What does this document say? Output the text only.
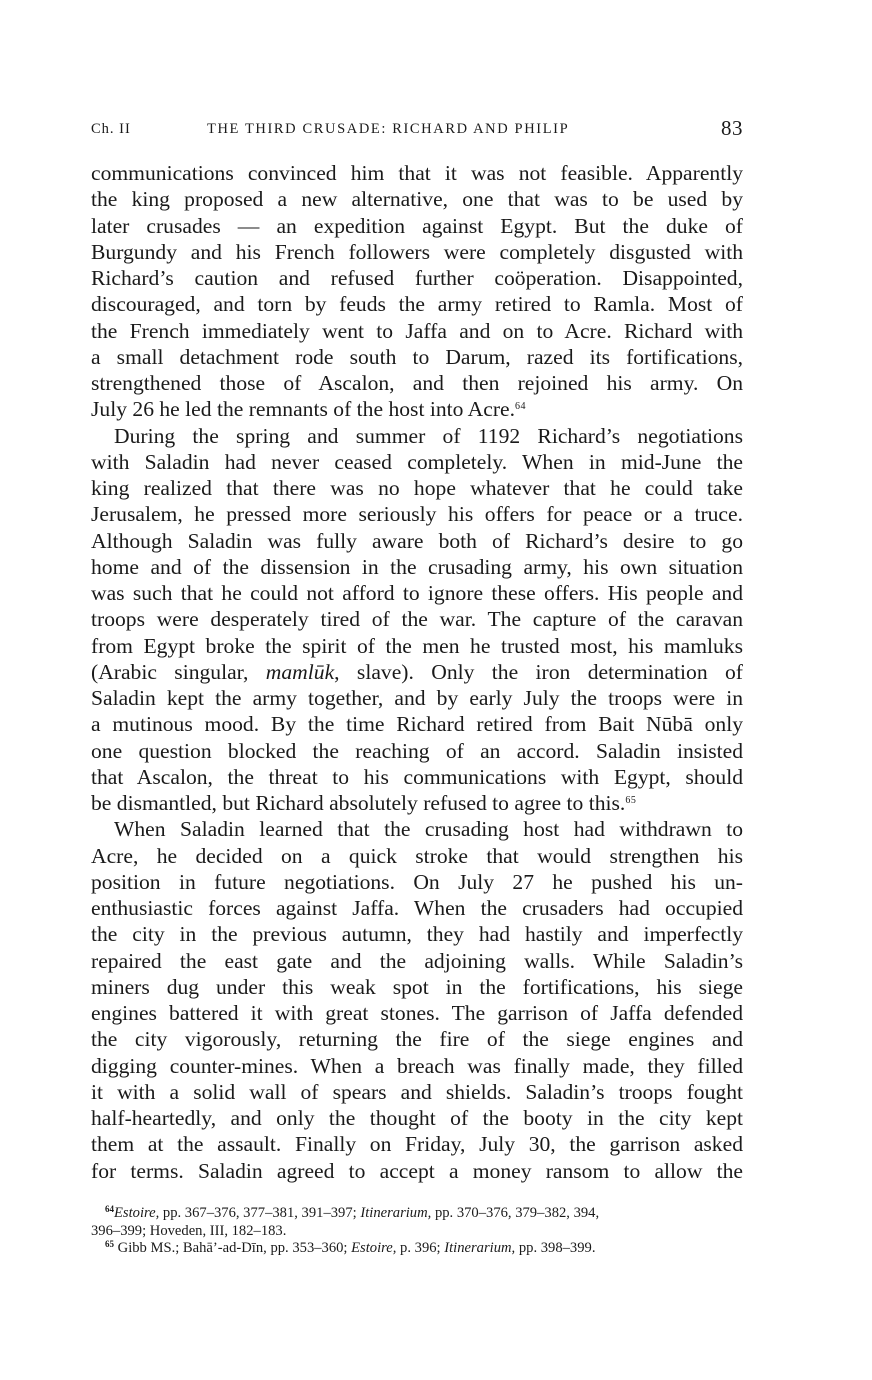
Ch. II	THE THIRD CRUSADE: RICHARD AND PHILIP	83

communications convinced him that it was not feasible. Apparently

the king proposed a new alternative, one that was to be used by

later crusades — an expedition against Egypt. But the duke of

Burgundy and his French followers were completely disgusted with

Richard’s caution and refused further coöperation. Disappointed,

discouraged, and torn by feuds the army retired to Ramla. Most of

the French immediately went to Jaffa and on to Acre. Richard with

a small detachment rode south to Darum, razed its fortifications,

strengthened those of Ascalon, and then rejoined his army. On

July 26 he led the remnants of the host into Acre.$^{64}$

During the spring and summer of 1192 Richard’s negotiations

with Saladin had never ceased completely. When in mid-June the

king realized that there was no hope whatever that he could take

Jerusalem, he pressed more seriously his offers for peace or a truce.

Although Saladin was fully aware both of Richard’s desire to go

home and of the dissension in the crusading army, his own situation

was such that he could not afford to ignore these offers. His people and

troops were desperately tired of the war. The capture of the caravan

from Egypt broke the spirit of the men he trusted most, his mamluks

(Arabic singular, mamlūk, slave). Only the iron determination of

Saladin kept the army together, and by early July the troops were in

a mutinous mood. By the time Richard retired from Bait Nūbā only

one question blocked the reaching of an accord. Saladin insisted

that Ascalon, the threat to his communications with Egypt, should

be dismantled, but Richard absolutely refused to agree to this.$^{65}$

When Saladin learned that the crusading host had withdrawn to

Acre, he decided on a quick stroke that would strengthen his

position in future negotiations. On July 27 he pushed his un-

enthusiastic forces against Jaffa. When the crusaders had occupied

the city in the previous autumn, they had hastily and imperfectly

repaired the east gate and the adjoining walls. While Saladin’s

miners dug under this weak spot in the fortifications, his siege

engines battered it with great stones. The garrison of Jaffa defended

the city vigorously, returning the fire of the siege engines and

digging counter-mines. When a breach was finally made, they filled

it with a solid wall of spears and shields. Saladin’s troops fought

half-heartedly, and only the thought of the booty in the city kept

them at the assault. Finally on Friday, July 30, the garrison asked

for terms. Saladin agreed to accept a money ransom to allow the

$^{64}$Estoire, pp. 367–376, 377–381, 391–397; Itinerarium, pp. 370–376, 379–382, 394,

396–399; Hoveden, III, 182–183.

$^{65}$ Gibb MS.; Bahā’-ad-Dīn, pp. 353–360; Estoire, p. 396; Itinerarium, pp. 398–399.
